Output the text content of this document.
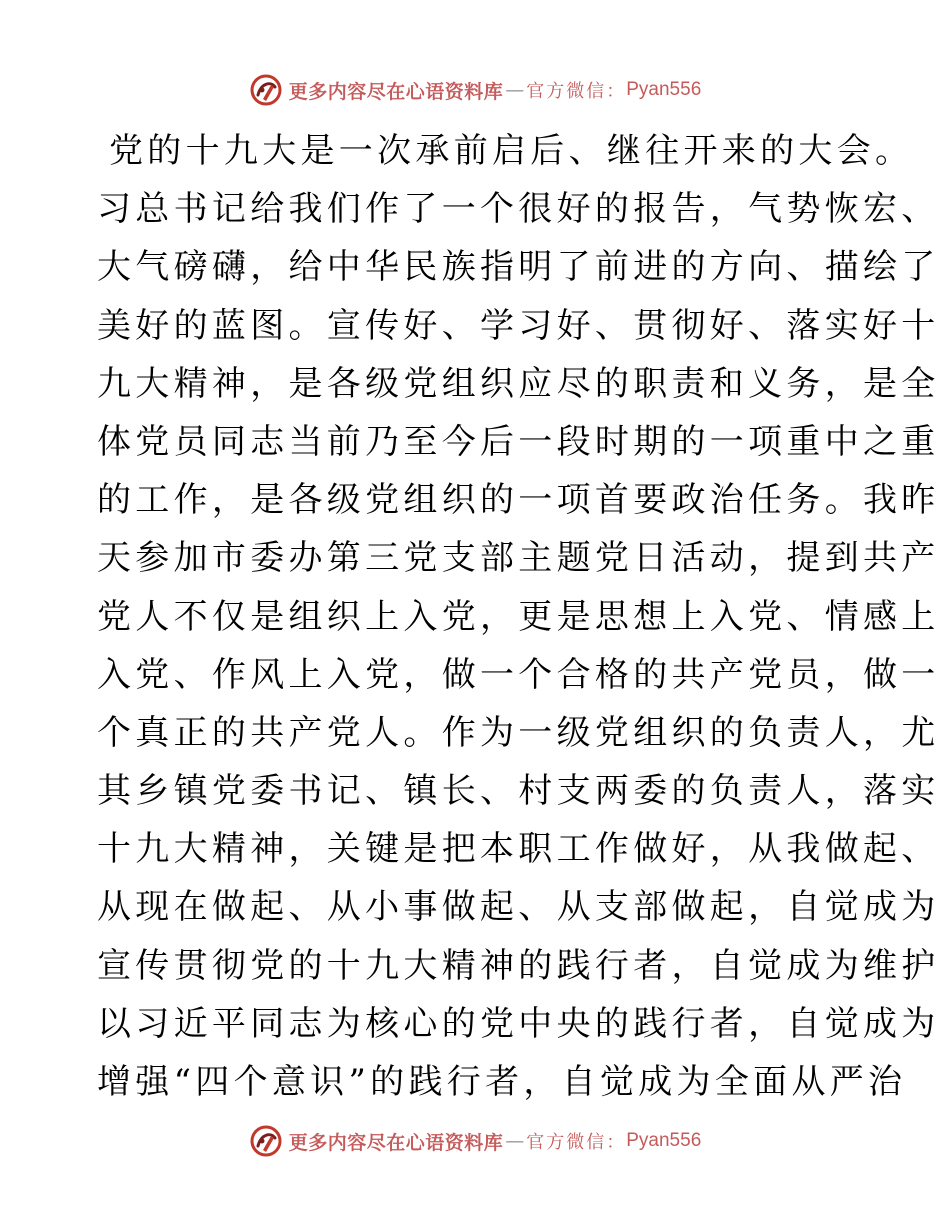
更多内容尽在心语资料库 — 官方微信： Pyan556
党的十九大是一次承前启后、继往开来的大会。
习总书记给我们作了一个很好的报告，气势恢宏、
大气磅礴，给中华民族指明了前进的方向、描绘了
美好的蓝图。宣传好、学习好、贯彻好、落实好十
九大精神，是各级党组织应尽的职责和义务，是全
体党员同志当前乃至今后一段时期的一项重中之重
的工作，是各级党组织的一项首要政治任务。我昨
天参加市委办第三党支部主题党日活动，提到共产
党人不仅是组织上入党，更是思想上入党、情感上
入党、作风上入党，做一个合格的共产党员，做一
个真正的共产党人。作为一级党组织的负责人，尤
其乡镇党委书记、镇长、村支两委的负责人，落实
十九大精神，关键是把本职工作做好，从我做起、
从现在做起、从小事做起、从支部做起，自觉成为
宣传贯彻党的十九大精神的践行者，自觉成为维护
以习近平同志为核心的党中央的践行者，自觉成为
增强“四个意识”的践行者，自觉成为全面从严治
更多内容尽在心语资料库 — 官方微信： Pyan556
